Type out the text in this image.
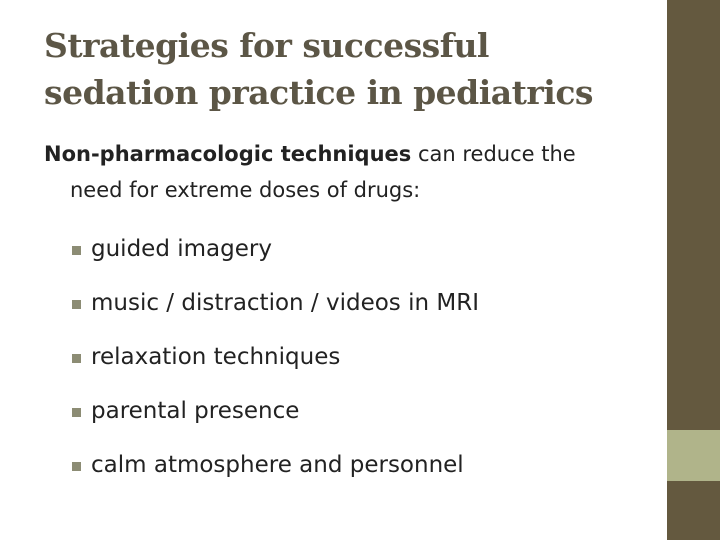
Strategies for successful
sedation practice in pediatrics
Non-pharmacologic techniques can reduce the
need for extreme doses of drugs:
guided imagery
music / distraction / videos in MRI
relaxation techniques
parental presence
calm atmosphere and personnel
